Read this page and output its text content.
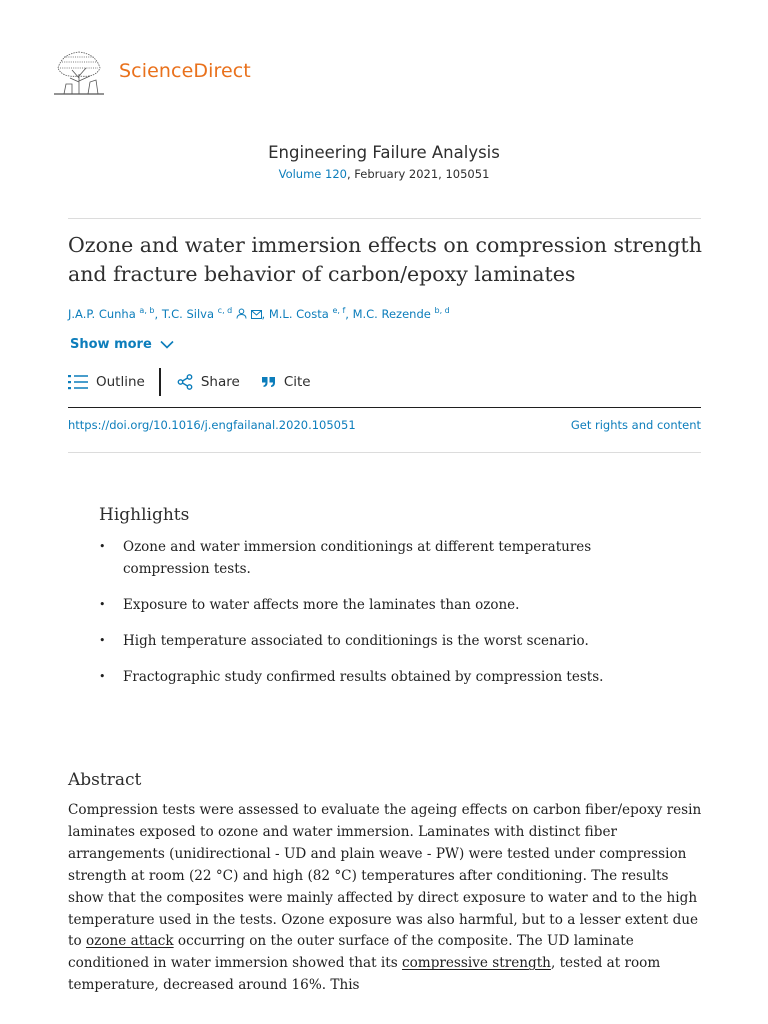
ScienceDirect
Engineering Failure Analysis
Volume 120, February 2021, 105051
Ozone and water immersion effects on compression strength and fracture behavior of carbon/epoxy laminates
J.A.P. Cunha $^{a, b}$, T.C. Silva $^{c, d}$	, M.L. Costa $^{e, f}$, M.C. Rezende $^{b, d}$
Show more
Outline	Share	Cite
https://doi.org/10.1016/j.engfailanal.2020.105051	Get rights and content
Highlights
• Ozone and water immersion conditionings at different temperatures compression tests.
• Exposure to water affects more the laminates than ozone.
• High temperature associated to conditionings is the worst scenario.
• Fractographic study confirmed results obtained by compression tests.
Abstract

Compression tests were assessed to evaluate the ageing effects on carbon fiber/epoxy resin laminates exposed to ozone and water immersion. Laminates with distinct fiber arrangements (unidirectional - UD and plain weave - PW) were tested under compression strength at room (22 °C) and high (82 °C) temperatures after conditioning. The results show that the composites were mainly affected by direct exposure to water and to the high temperature used in the tests. Ozone exposure was also harmful, but to a lesser extent due to ozone attack occurring on the outer surface of the composite. The UD laminate conditioned in water immersion showed that its compressive strength, tested at room temperature, decreased around 16%. This
